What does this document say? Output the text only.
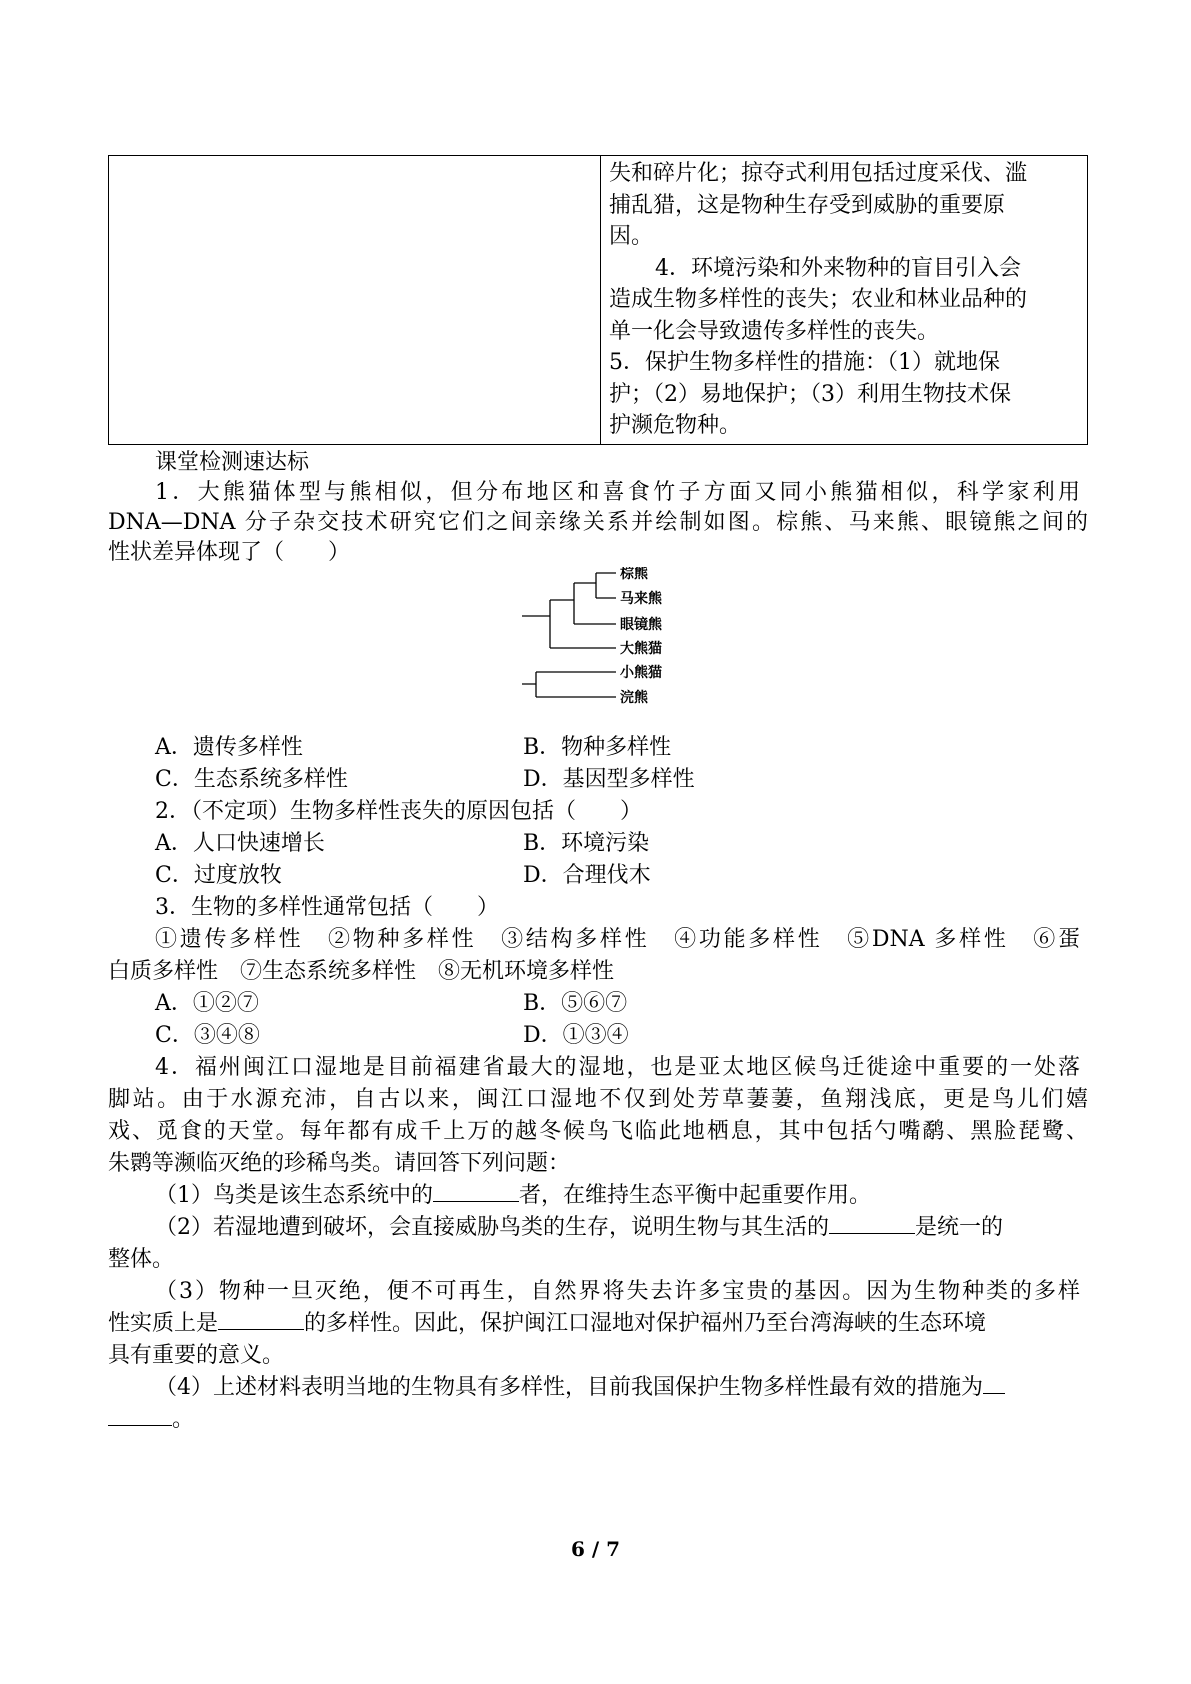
失和碎片化；掠夺式利用包括过度采伐、滥
捕乱猎，这是物种生存受到威胁的重要原
因。
4．环境污染和外来物种的盲目引入会
造成生物多样性的丧失；农业和林业品种的
单一化会导致遗传多样性的丧失。
5．保护生物多样性的措施：（1）就地保
护；（2）易地保护；（3）利用生物技术保
护濒危物种。
课堂检测速达标
1．大熊猫体型与熊相似，但分布地区和喜食竹子方面又同小熊猫相似，科学家利用
DNA—DNA 分子杂交技术研究它们之间亲缘关系并绘制如图。棕熊、马来熊、眼镜熊之间的
性状差异体现了（　　）
棕熊
马来熊
眼镜熊
大熊猫
小熊猫
浣熊
A．遗传多样性	B．物种多样性
C．生态系统多样性	D．基因型多样性
2．（不定项）生物多样性丧失的原因包括（　　）
A．人口快速增长	B．环境污染
C．过度放牧	D．合理伐木
3．生物的多样性通常包括（　　）
①遗传多样性　②物种多样性　③结构多样性　④功能多样性　⑤DNA 多样性　⑥蛋
白质多样性　⑦生态系统多样性　⑧无机环境多样性
A．①②⑦	B．⑤⑥⑦
C．③④⑧	D．①③④
4．福州闽江口湿地是目前福建省最大的湿地，也是亚太地区候鸟迁徙途中重要的一处落
脚站。由于水源充沛，自古以来，闽江口湿地不仅到处芳草萋萋，鱼翔浅底，更是鸟儿们嬉
戏、觅食的天堂。每年都有成千上万的越冬候鸟飞临此地栖息，其中包括勺嘴鹬、黑脸琵鹭、
朱鹮等濒临灭绝的珍稀鸟类。请回答下列问题：
（1）鸟类是该生态系统中的	者，在维持生态平衡中起重要作用。
（2）若湿地遭到破坏，会直接威胁鸟类的生存，说明生物与其生活的	是统一的
整体。
（3）物种一旦灭绝，便不可再生，自然界将失去许多宝贵的基因。因为生物种类的多样
性实质上是	的多样性。因此，保护闽江口湿地对保护福州乃至台湾海峡的生态环境
具有重要的意义。
（4）上述材料表明当地的生物具有多样性，目前我国保护生物多样性最有效的措施为
。
6 / 7
